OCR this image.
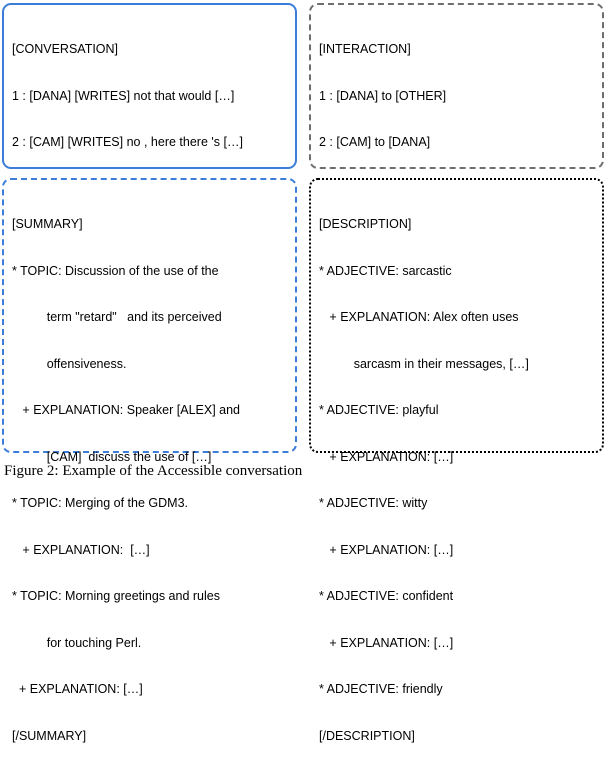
[CONVERSATION]

1 : [DANA] [WRITES] not that would […]

2 : [CAM] [WRITES] no , here there 's […]

[INTERACTION]

1 : [DANA] to [OTHER]

2 : [CAM] to [DANA]

[SUMMARY]

* TOPIC: Discussion of the use of the

term "retard"   and its perceived

offensiveness.

+ EXPLANATION: Speaker [ALEX] and

[CAM]  discuss the use of […]

* TOPIC: Merging of the GDM3.

+ EXPLANATION:  […]

* TOPIC: Morning greetings and rules

for touching Perl.

+ EXPLANATION: […]

[/SUMMARY]

[DESCRIPTION]

* ADJECTIVE: sarcastic

+ EXPLANATION: Alex often uses

sarcasm in their messages, […]

* ADJECTIVE: playful

+ EXPLANATION: […]

* ADJECTIVE: witty

+ EXPLANATION: […]

* ADJECTIVE: confident

+ EXPLANATION: […]

* ADJECTIVE: friendly

[/DESCRIPTION]

Figure 2: Example of the Accessible conversation
